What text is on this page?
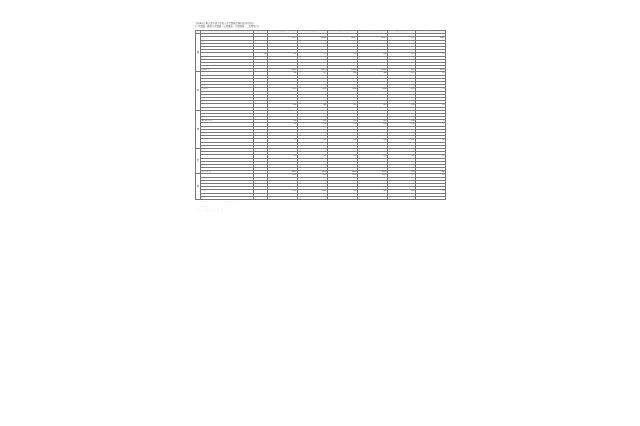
令和6年度東京都立高等学校入学者選抜受検状況(全日制)
(一般選抜・推薦入学選抜・前期選抜・分割選抜・二次募集等)
	学科・課程	学級数	募集人員(A)	応募人員(B)	受検者数(C)	合格者数	受検倍率(C/A)	不合格者数
普	普通科(男女)		21,432	28,059	26,935	26,935	1.26	4,008
			21,119	26,862	26,015	26,015	1.23	3,852
	普通科		216	241	228	228	1.06	12
	(男)		217	118	118	118	0.54	6
	普通科(コース)		21,762	28,030	26,890	26,890	1.24	3,890
			21,392	26,972	26,022	26,022	1.22	3,775
		43	226	278	258	258	1.14	25
	コース制		223	263	247	247	1.11	24
			2,279	2,800	2,704	2,704	1.19	427
	単位制	15	2,151	2,654	2,575	2,575	1.20	424
			29,093	31,680	29,900	29,900	1.21	4,600
	普通科合計		23,657	30,113	29,000	29,000	1.23	4,303
専			788	917	906	906	1.15	35
	商業		742	771	760	760	1.02	30
			367	417	411	411	1.12	31
	ビジネスコミュニケーション		251	344	320	320	1.27	25
	工業		1,098	1,147	1,068	1,068	0.98	6
	(単位制)		1,019	1,201	1,166	1,166	1.14	8
			85	72	66	66	0.67	8
	工業科(単位制)		80	70	64	64	0.80	7
			216	302	296	296	0.85	35
	科学技術科		301	269	257	257	0.85	40
			426	462	459	459	1.08	33
	農業科		411	458	455	455	1.09	46
門			41	41	56	56	1.36	18
			40	46	40	40	1.00	8
		11	245	223	212	212	0.87	5
	家庭科(単位制)		240	262	260	260	1.08	6
			85	98	100	100	1.18	5
	情報科		80	95	98	98	1.23	8
		23	119	42	36	36	0.30	3
	福祉科		117	27	29	29	0.25	5
		23	71	276	168	168	2.37	97
			72	181	166	166	2.31	90
			114	169	171	171	1.50	57
	芸術科		112	182	177	177	1.58	59
学			109	158	154	154	1.41	45
	体育科		114	164	147	147	1.29	28
			110	132	133	133	1.21	23
	国際科		114	118	120	120	1.05	10
			214	221	216	216	1.01	8
	外国語科		212	192	184	184	0.87	4
			4,689	5,162	4,891	4,891	1.04	415
	専門学科合計		4,612	4,905	4,690	4,690	1.02	386
科			1,618	1,909	1,899	1,899	1.17	88
	総合学科		1,602	2,008	1,977	1,977	1.23	80
			30,621	38,857	37,517	37,517	1.23	5,130
	全日制合計		29,914	37,060	35,977	35,977	1.20	4,774
	一般選抜(男女)		1,152	887	880	880	0.76	39
	(女子)		1,159	1,042	989	989	0.85	26
	推薦		1,085	1,015	1,002	1,002	0.92	40
	(分割)		1,050	1,044	1,023	1,023	0.97	35
(注) 1 募集人員は、一般選抜・推薦選抜・分割前期・後期選抜等の合計である。
2 上段は令和6年度、下段は令和5年度の数値である。
3 応募人員・受検者数は、各選抜の合計である。
4 受検倍率は、受検者数を募集人員で除した数値である。
5 不合格者数は、受検者数から合格者数を差し引いた数値である。
